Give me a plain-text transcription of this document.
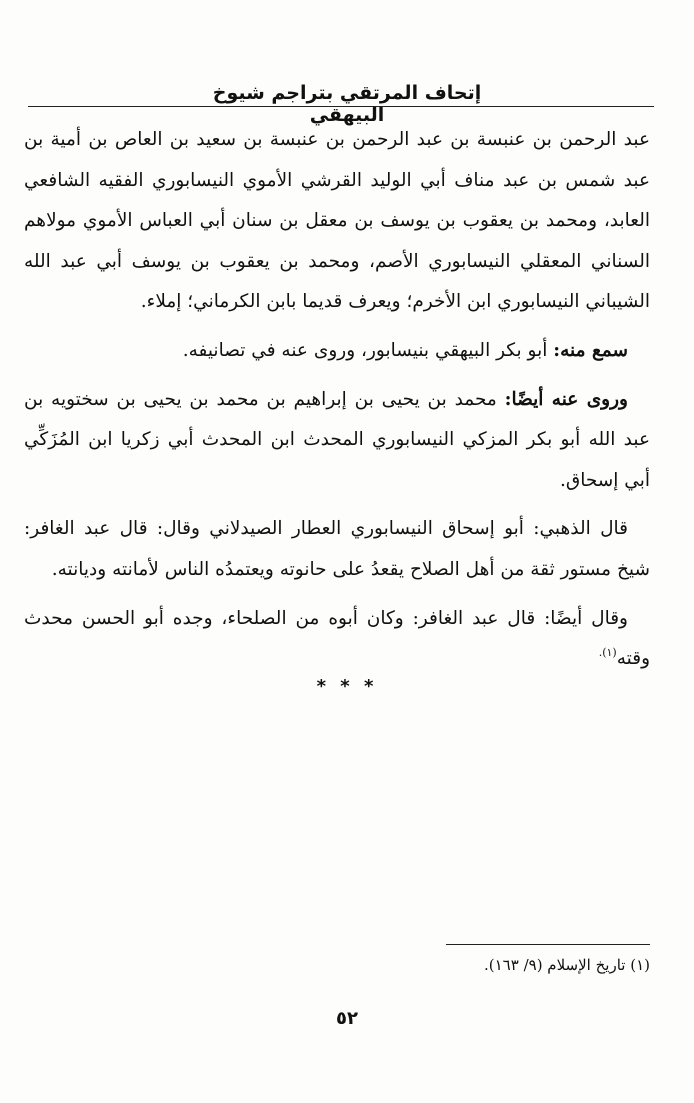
إتحاف المرتقي بتراجم شيوخ البيهقي

عبد الرحمن بن عنبسة بن عبد الرحمن بن عنبسة بن سعيد بن العاص بن أمية بن عبد شمس بن عبد مناف أبي الوليد القرشي الأموي النيسابوري الفقيه الشافعي العابد، ومحمد بن يعقوب بن يوسف بن معقل بن سنان أبي العباس الأموي مولاهم السناني المعقلي النيسابوري الأصم، ومحمد بن يعقوب بن يوسف أبي عبد الله الشيباني النيسابوري ابن الأخرم؛ ويعرف قديما بابن الكرماني؛ إملاء.

سمع منه: أبو بكر البيهقي بنيسابور، وروى عنه في تصانيفه.

وروى عنه أيضًا: محمد بن يحيى بن إبراهيم بن محمد بن يحيى بن سختويه بن عبد الله أبو بكر المزكي النيسابوري المحدث ابن المحدث أبي زكريا ابن المُزَكِّي أبي إسحاق.

قال الذهبي: أبو إسحاق النيسابوري العطار الصيدلاني وقال: قال عبد الغافر: شيخ مستور ثقة من أهل الصلاح يقعدُ على حانوته ويعتمدُه الناس لأمانته وديانته.

وقال أيضًا: قال عبد الغافر: وكان أبوه من الصلحاء، وجده أبو الحسن محدث وقته$^{(١).}$

* * *
(١) تاريخ الإسلام (٩/ ١٦٣).
٥٢
